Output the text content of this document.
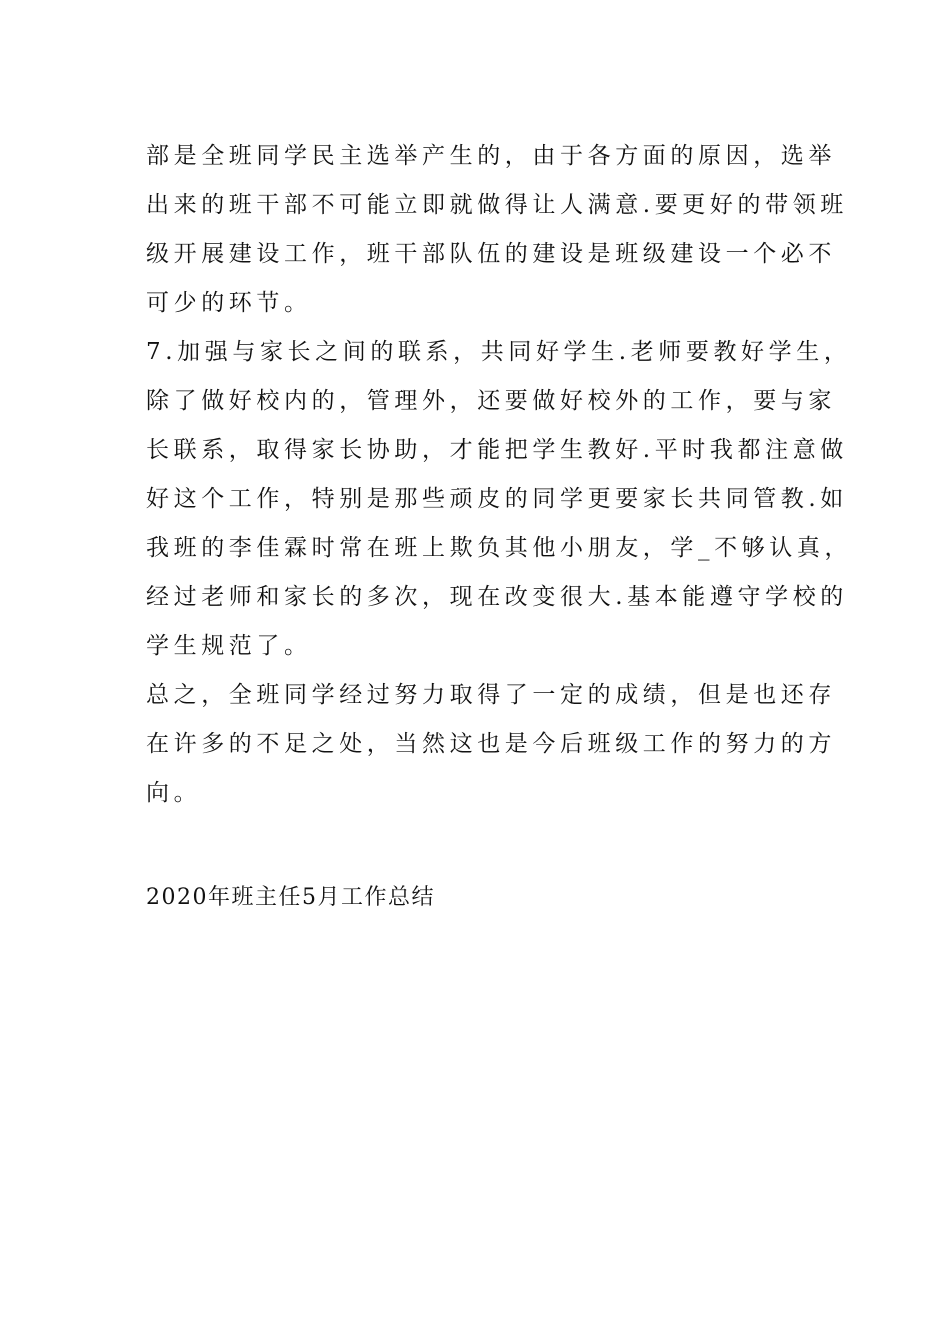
部是全班同学民主选举产生的，由于各方面的原因，选举
出来的班干部不可能立即就做得让人满意.要更好的带领班
级开展建设工作，班干部队伍的建设是班级建设一个必不
可少的环节。
7.加强与家长之间的联系，共同好学生.老师要教好学生，
除了做好校内的，管理外，还要做好校外的工作，要与家
长联系，取得家长协助，才能把学生教好.平时我都注意做
好这个工作，特别是那些顽皮的同学更要家长共同管教.如
我班的李佳霖时常在班上欺负其他小朋友，学_不够认真，
经过老师和家长的多次，现在改变很大.基本能遵守学校的
学生规范了。
总之，全班同学经过努力取得了一定的成绩，但是也还存
在许多的不足之处，当然这也是今后班级工作的努力的方
向。
2020年班主任5月工作总结
